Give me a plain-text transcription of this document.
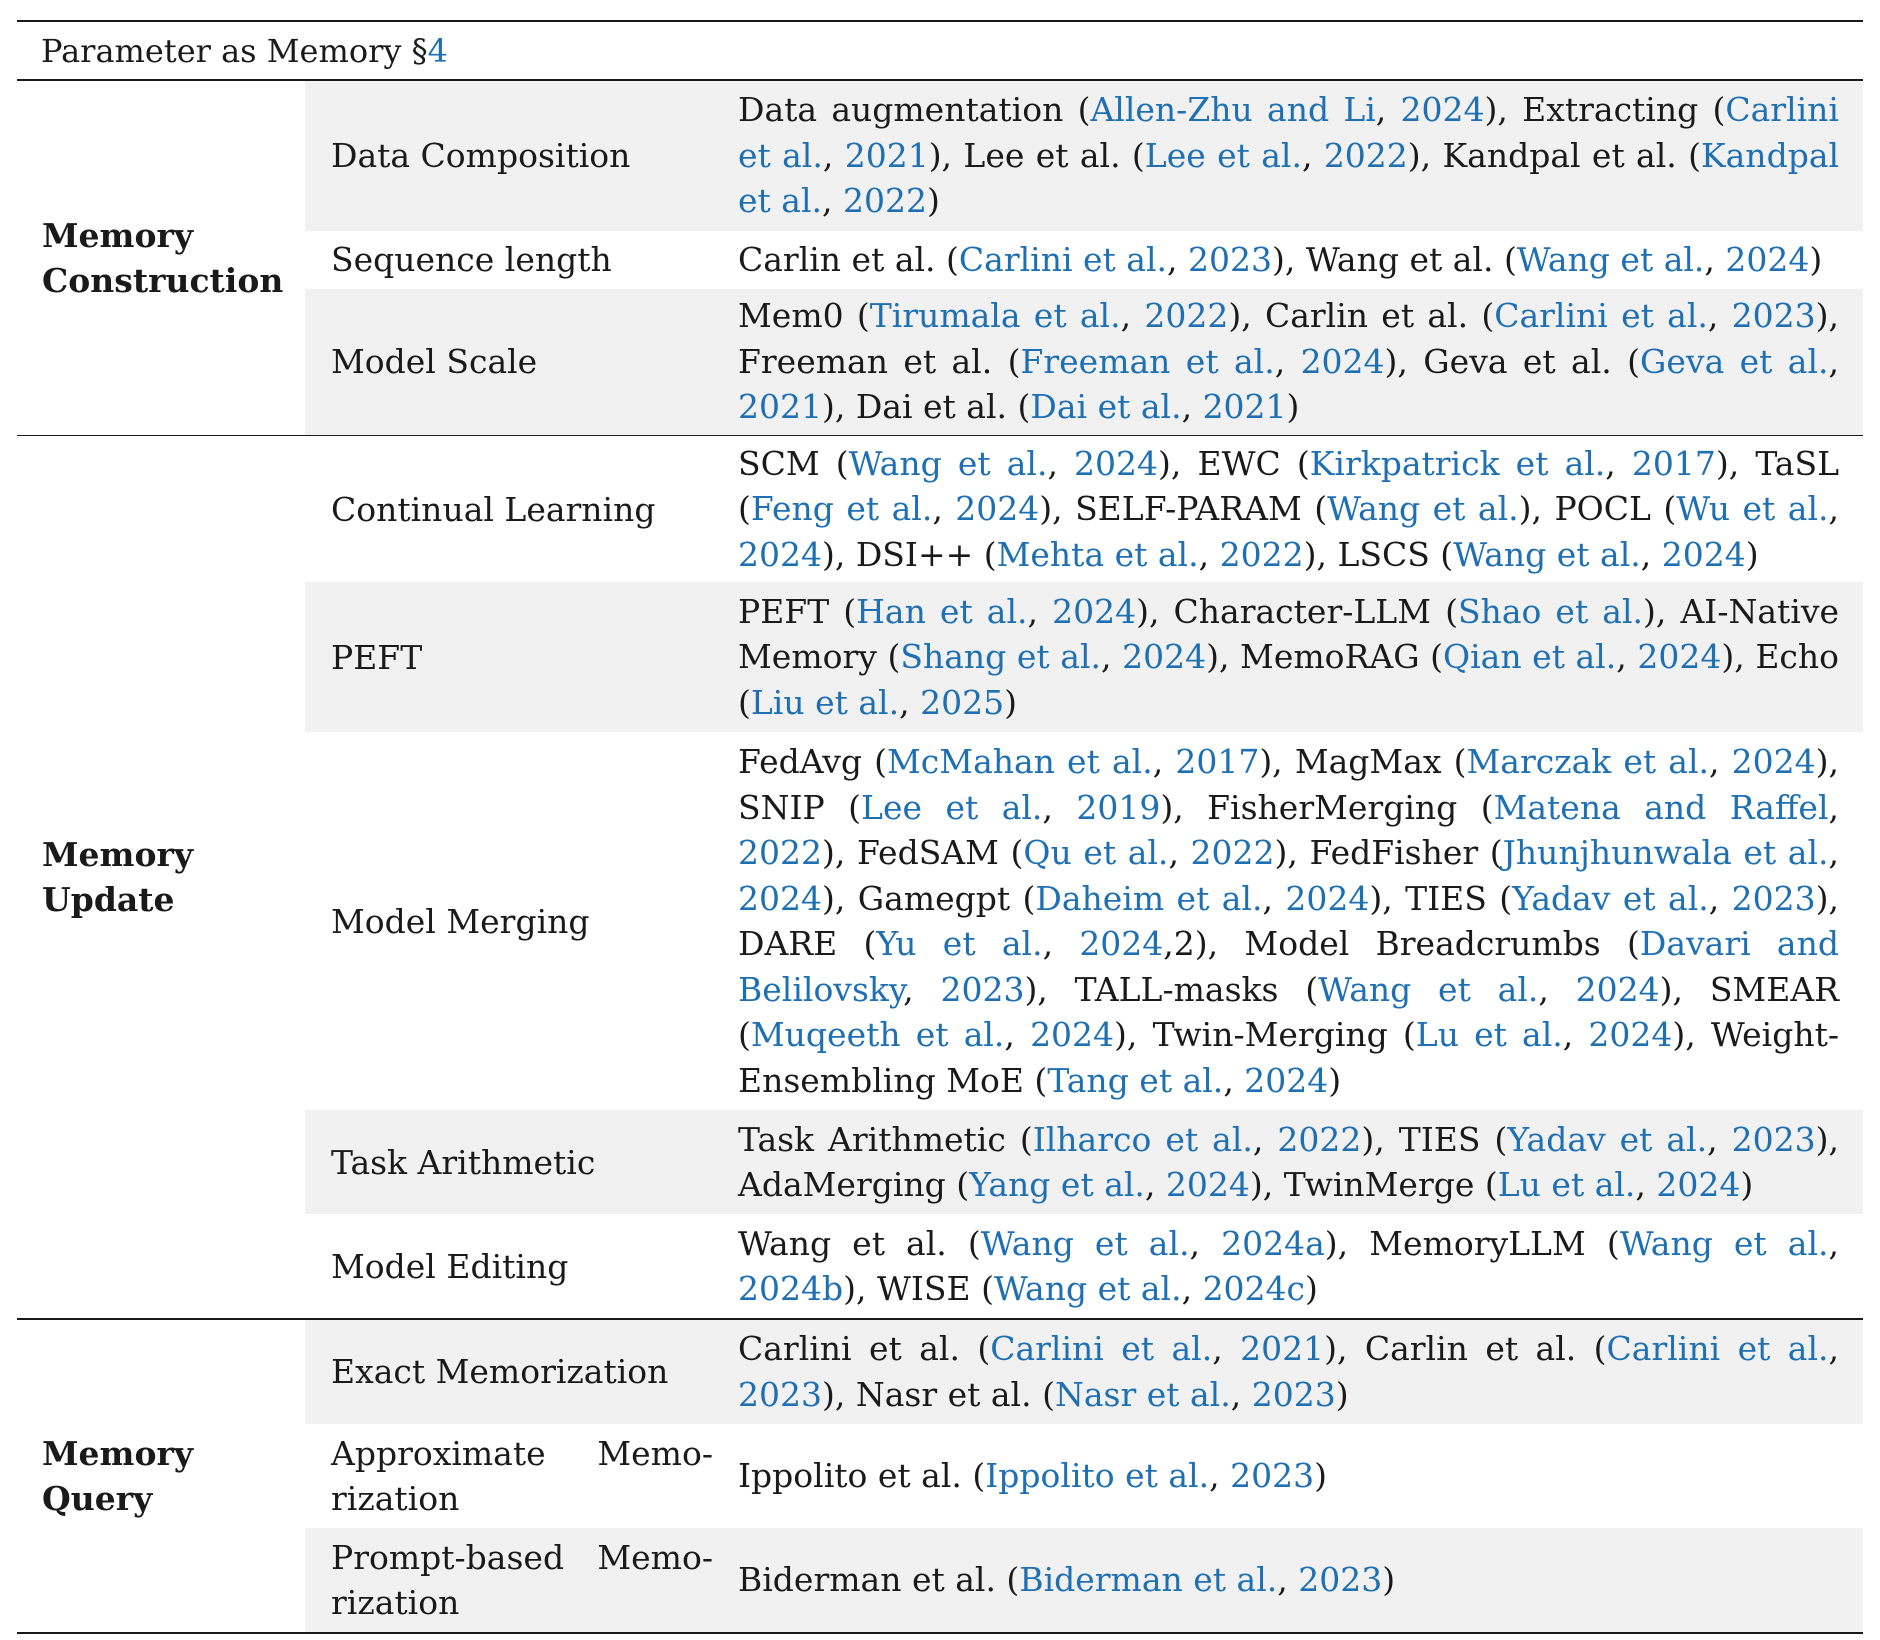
Parameter as Memory § 4
Memory Construction
Data Composition
Data augmentation (Allen-Zhu and Li, 2024), Extracting (Carlini et al., 2021), Lee et al. (Lee et al., 2022), Kandpal et al. (Kandpal et al., 2022)
Sequence length	Carlin et al. (Carlini et al., 2023), Wang et al. (Wang et al., 2024)
Model Scale
Mem0 (Tirumala et al., 2022), Carlin et al. (Carlini et al., 2023), Freeman et al. (Freeman et al., 2024), Geva et al. (Geva et al., 2021), Dai et al. (Dai et al., 2021)
Memory Update
Continual Learning
SCM (Wang et al., 2024), EWC (Kirkpatrick et al., 2017), TaSL (Feng et al., 2024), SELF-PARAM (Wang et al.), POCL (Wu et al., 2024), DSI++ (Mehta et al., 2022), LSCS (Wang et al., 2024)
PEFT
PEFT (Han et al., 2024), Character-LLM (Shao et al.), AI-Native Memory (Shang et al., 2024), MemoRAG (Qian et al., 2024), Echo (Liu et al., 2025)
Model Merging
FedAvg (McMahan et al., 2017), MagMax (Marczak et al., 2024), SNIP (Lee et al., 2019), FisherMerging (Matena and Raffel, 2022), FedSAM (Qu et al., 2022), FedFisher (Jhunjhunwala et al., 2024), Gamegpt (Daheim et al., 2024), TIES (Yadav et al., 2023), DARE (Yu et al., 2024,2), Model Breadcrumbs (Davari and Belilovsky, 2023), TALL-masks (Wang et al., 2024), SMEAR (Muqeeth et al., 2024), Twin-Merging (Lu et al., 2024), Weight-Ensembling MoE (Tang et al., 2024)
Task Arithmetic
Task Arithmetic (Ilharco et al., 2022), TIES (Yadav et al., 2023), AdaMerging (Yang et al., 2024), TwinMerge (Lu et al., 2024)
Model Editing
Wang et al. (Wang et al., 2024a), MemoryLLM (Wang et al., 2024b), WISE (Wang et al., 2024c)
Memory Query
Exact Memorization
Carlini et al. (Carlini et al., 2021), Carlin et al. (Carlini et al., 2023), Nasr et al. (Nasr et al., 2023)
Approximate Memorization
Ippolito et al. (Ippolito et al., 2023)
Prompt-based Memorization
Biderman et al. (Biderman et al., 2023)
